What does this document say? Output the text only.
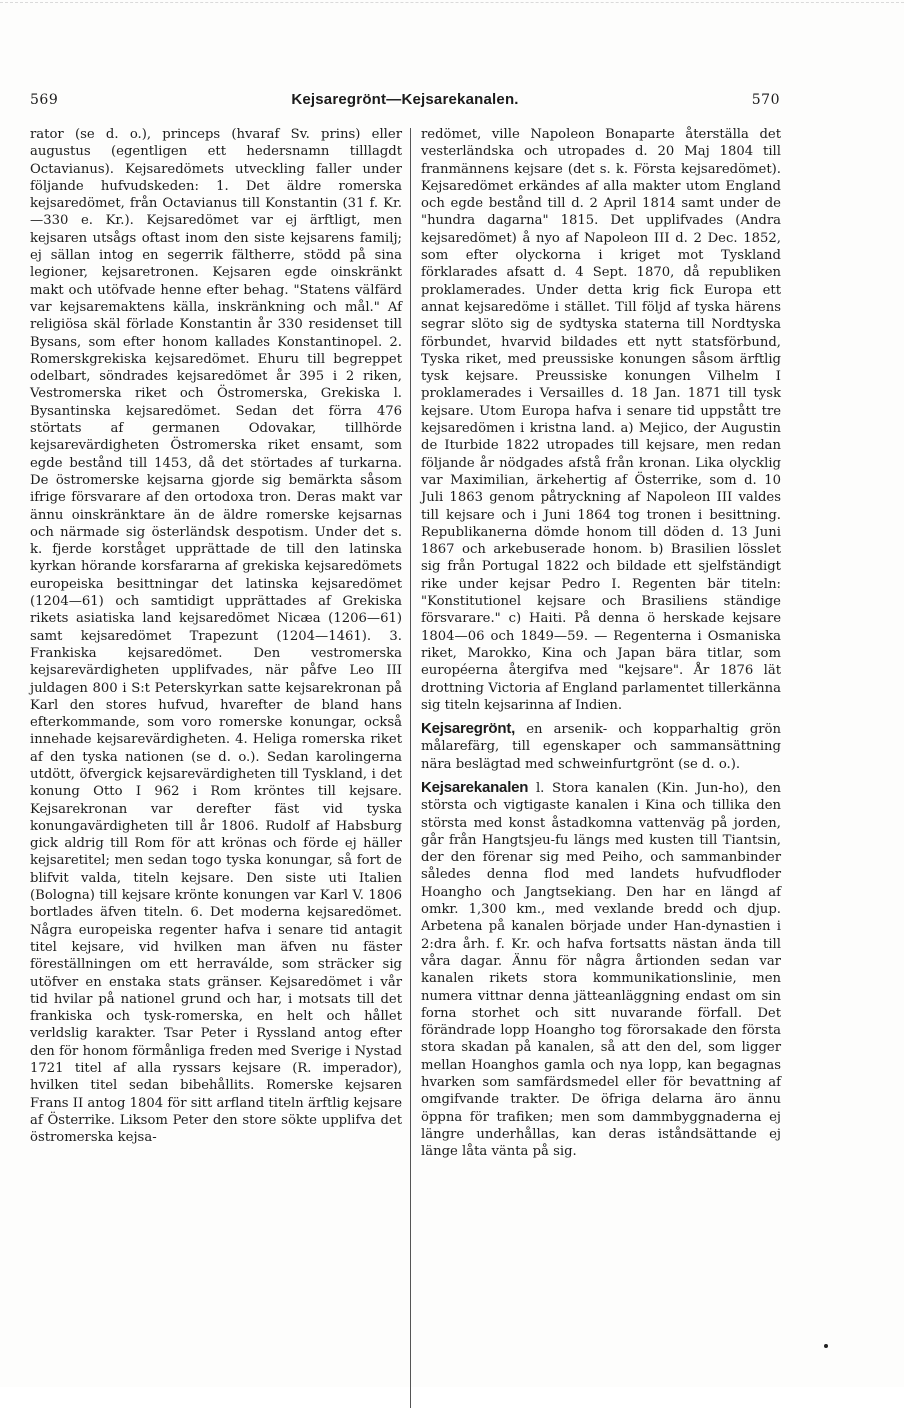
569	Kejsaregrönt—Kejsarekanalen.	570

rator (se d. o.), princeps (hvaraf Sv. prins) eller augustus (egentligen ett hedersnamn tilllagdt Octavianus). Kejsaredömets utveckling faller under följande hufvudskeden: 1. Det äldre romerska kejsaredömet, från Octavianus till Konstantin (31 f. Kr. —330 e. Kr.). Kejsaredömet var ej ärftligt, men kejsaren utsågs oftast inom den siste kejsarens familj; ej sällan intog en segerrik fältherre, stödd på sina legioner, kejsaretronen. Kejsaren egde oinskränkt makt och utöfvade henne efter behag. "Statens välfärd var kejsaremaktens källa, inskränkning och mål." Af religiösa skäl förlade Konstantin år 330 residenset till Bysans, som efter honom kallades Konstantinopel. 2. Romerskgrekiska kejsaredömet. Ehuru till begreppet odelbart, söndrades kejsaredömet år 395 i 2 riken, Vestromerska riket och Östromerska, Grekiska l. Bysantinska kejsaredömet. Sedan det förra 476 störtats af germanen Odovakar, tillhörde kejsarevärdigheten Östromerska riket ensamt, som egde bestånd till 1453, då det störtades af turkarna. De östromerske kejsarna gjorde sig bemärkta såsom ifrige försvarare af den ortodoxa tron. Deras makt var ännu oinskränktare än de äldre romerske kejsarnas och närmade sig österländsk despotism. Under det s. k. fjerde korståget upprättade de till den latinska kyrkan hörande korsfararna af grekiska kejsaredömets europeiska besittningar det latinska kejsaredömet (1204—61) och samtidigt upprättades af Grekiska rikets asiatiska land kejsaredömet Nicæa (1206—61) samt kejsaredömet Trapezunt (1204—1461). 3. Frankiska kejsaredömet. Den vestromerska kejsarevärdigheten upplifvades, när påfve Leo III juldagen 800 i S:t Peterskyrkan satte kejsarekronan på Karl den stores hufvud, hvarefter de bland hans efterkommande, som voro romerske konungar, också innehade kejsarevärdigheten. 4. Heliga romerska riket af den tyska nationen (se d. o.). Sedan karolingerna utdött, öfvergick kejsarevärdigheten till Tyskland, i det konung Otto I 962 i Rom kröntes till kejsare. Kejsarekronan var derefter fäst vid tyska konungavärdigheten till år 1806. Rudolf af Habsburg gick aldrig till Rom för att krönas och förde ej häller kejsaretitel; men sedan togo tyska konungar, så fort de blifvit valda, titeln kejsare. Den siste uti Italien (Bologna) till kejsare krönte konungen var Karl V. 1806 bortlades äfven titeln. 6. Det moderna kejsaredömet. Några europeiska regenter hafva i senare tid antagit titel kejsare, vid hvilken man äfven nu fäster föreställningen om ett herraválde, som sträcker sig utöfver en enstaka stats gränser. Kejsaredömet i vår tid hvilar på nationel grund och har, i motsats till det frankiska och tysk-romerska, en helt och hållet verldslig karakter. Tsar Peter i Ryssland antog efter den för honom förmånliga freden med Sverige i Nystad 1721 titel af alla ryssars kejsare (R. imperador), hvilken titel sedan bibehållits. Romerske kejsaren Frans II antog 1804 för sitt arfland titeln ärftlig kejsare af Österrike. Liksom Peter den store sökte upplifva det östromerska kejsa-

redömet, ville Napoleon Bonaparte återställa det vesterländska och utropades d. 20 Maj 1804 till franmännens kejsare (det s. k. Första kejsaredömet). Kejsaredömet erkändes af alla makter utom England och egde bestånd till d. 2 April 1814 samt under de "hundra dagarna" 1815. Det upplifvades (Andra kejsaredömet) å nyo af Napoleon III d. 2 Dec. 1852, som efter olyckorna i kriget mot Tyskland förklarades afsatt d. 4 Sept. 1870, då republiken proklamerades. Under detta krig fick Europa ett annat kejsaredöme i stället. Till följd af tyska härens segrar slöto sig de sydtyska staterna till Nordtyska förbundet, hvarvid bildades ett nytt statsförbund, Tyska riket, med preussiske konungen såsom ärftlig tysk kejsare. Preussiske konungen Vilhelm I proklamerades i Versailles d. 18 Jan. 1871 till tysk kejsare. Utom Europa hafva i senare tid uppstått tre kejsaredömen i kristna land. a) Mejico, der Augustin de Iturbide 1822 utropades till kejsare, men redan följande år nödgades afstå från kronan. Lika olycklig var Maximilian, ärkehertig af Österrike, som d. 10 Juli 1863 genom påtryckning af Napoleon III valdes till kejsare och i Juni 1864 tog tronen i besittning. Republikanerna dömde honom till döden d. 13 Juni 1867 och arkebuserade honom. b) Brasilien lösslet sig från Portugal 1822 och bildade ett sjelfständigt rike under kejsar Pedro I. Regenten bär titeln: "Konstitutionel kejsare och Brasiliens ständige försvarare." c) Haiti. På denna ö herskade kejsare 1804—06 och 1849—59. — Regenterna i Osmaniska riket, Marokko, Kina och Japan bära titlar, som européerna återgifva med "kejsare". År 1876 lät drottning Victoria af England parlamentet tillerkänna sig titeln kejsarinna af Indien.

Kejsaregrönt, en arsenik- och kopparhaltig grön målarefärg, till egenskaper och sammansättning nära beslägtad med schweinfurtgrönt (se d. o.).

Kejsarekanalen l. Stora kanalen (Kin. Jun-ho), den största och vigtigaste kanalen i Kina och tillika den största med konst åstadkomna vattenväg på jorden, går från Hangtsjeu-fu längs med kusten till Tiantsin, der den förenar sig med Peiho, och sammanbinder således denna flod med landets hufvudfloder Hoangho och Jangtsekiang. Den har en längd af omkr. 1,300 km., med vexlande bredd och djup. Arbetena på kanalen började under Han-dynastien i 2:dra årh. f. Kr. och hafva fortsatts nästan ända till våra dagar. Ännu för några årtionden sedan var kanalen rikets stora kommunikationslinie, men numera vittnar denna jätteanläggning endast om sin forna storhet och sitt nuvarande förfall. Det förändrade lopp Hoangho tog förorsakade den första stora skadan på kanalen, så att den del, som ligger mellan Hoanghos gamla och nya lopp, kan begagnas hvarken som samfärdsmedel eller för bevattning af omgifvande trakter. De öfriga delarna äro ännu öppna för trafiken; men som dammbyggnaderna ej längre underhållas, kan deras iståndsättande ej länge låta vänta på sig.
